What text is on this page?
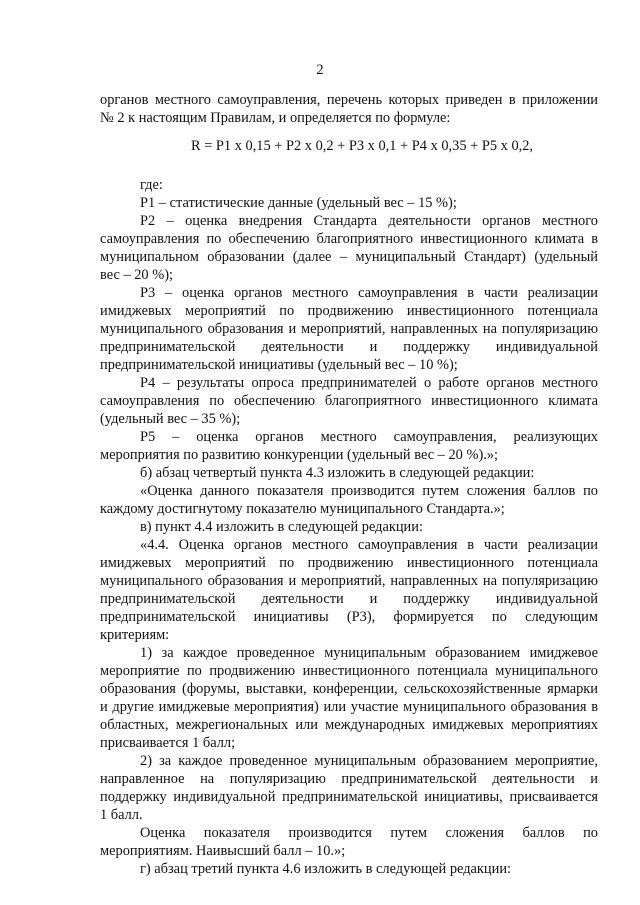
2
органов местного самоуправления, перечень которых приведен в приложении
№ 2 к настоящим Правилам, и определяется по формуле:
R = P1 x 0,15 + P2 x 0,2 + P3 x 0,1 + P4 x 0,35 + P5 x 0,2,
где:
P1 – статистические данные (удельный вес – 15 %);
P2 – оценка внедрения Стандарта деятельности органов местного
самоуправления по обеспечению благоприятного инвестиционного климата в
муниципальном образовании (далее – муниципальный Стандарт) (удельный
вес – 20 %);
P3 – оценка органов местного самоуправления в части реализации
имиджевых мероприятий по продвижению инвестиционного потенциала
муниципального образования и мероприятий, направленных на популяризацию
предпринимательской деятельности и поддержку индивидуальной
предпринимательской инициативы (удельный вес – 10 %);
P4 – результаты опроса предпринимателей о работе органов местного
самоуправления по обеспечению благоприятного инвестиционного климата
(удельный вес – 35 %);
P5 – оценка органов местного самоуправления, реализующих
мероприятия по развитию конкуренции (удельный вес – 20 %).»;
б) абзац четвертый пункта 4.3 изложить в следующей редакции:
«Оценка данного показателя производится путем сложения баллов по
каждому достигнутому показателю муниципального Стандарта.»;
в) пункт 4.4 изложить в следующей редакции:
«4.4. Оценка органов местного самоуправления в части реализации
имиджевых мероприятий по продвижению инвестиционного потенциала
муниципального образования и мероприятий, направленных на популяризацию
предпринимательской деятельности и поддержку индивидуальной
предпринимательской инициативы (P3), формируется по следующим
критериям:
1) за каждое проведенное муниципальным образованием имиджевое
мероприятие по продвижению инвестиционного потенциала муниципального
образования (форумы, выставки, конференции, сельскохозяйственные ярмарки
и другие имиджевые мероприятия) или участие муниципального образования в
областных, межрегиональных или международных имиджевых мероприятиях
присваивается 1 балл;
2) за каждое проведенное муниципальным образованием мероприятие,
направленное на популяризацию предпринимательской деятельности и
поддержку индивидуальной предпринимательской инициативы, присваивается
1 балл.
Оценка показателя производится путем сложения баллов по
мероприятиям. Наивысший балл – 10.»;
г) абзац третий пункта 4.6 изложить в следующей редакции:
